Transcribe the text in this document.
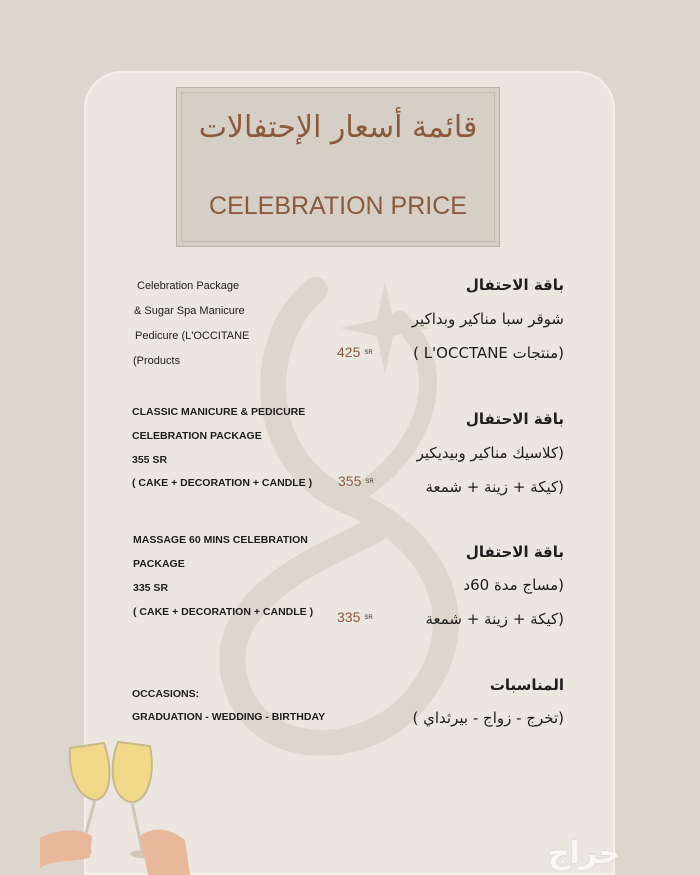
قائمة أسعار الإحتفالات
CELEBRATION PRICE
Celebration Package
& Sugar Spa Manicure
Pedicure (L'OCCITANE
(Products
425 SR
باقة الاحتفال
شوقر سبا مناكير وبداكير
(منتجات L'OCCTANE )
CLASSIC MANICURE & PEDICURE
CELEBRATION PACKAGE
355 SR
( CAKE + DECORATION + CANDLE ) 355 SR
باقة الاحتفال
(كلاسيك مناكير وبيديكير
(كيكة + زينة + شمعة
MASSAGE 60 MINS CELEBRATION
PACKAGE
335 SR
( CAKE + DECORATION + CANDLE ) 335 SR
باقة الاحتفال
(مساج مدة 60د
(كيكة + زينة + شمعة
OCCASIONS:
GRADUATION - WEDDING - BIRTHDAY
المناسبات
(تخرج - زواج - بيرثداي )
حراج
